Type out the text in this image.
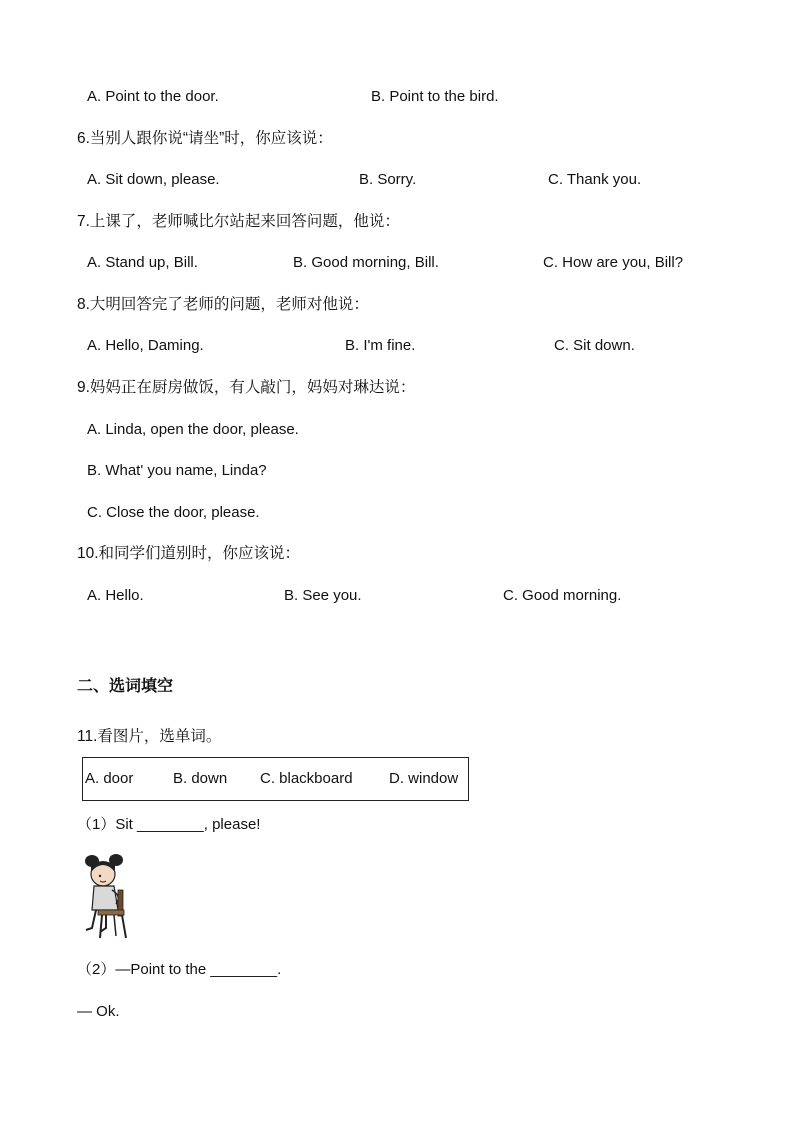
A. Point to the door.	B. Point to the bird.
6.当别人跟你说“请坐”时，你应该说：
A. Sit down, please.	B. Sorry.	C. Thank you.
7.上课了，老师喊比尔站起来回答问题，他说：
A. Stand up, Bill.	B. Good morning, Bill.	C. How are you, Bill?
8.大明回答完了老师的问题，老师对他说：
A. Hello, Daming.	B. I'm fine.	C. Sit down.
9.妈妈正在厨房做饭，有人敲门，妈妈对琳达说：
A. Linda, open the door, please.
B. What' you name, Linda?
C. Close the door, please.
10.和同学们道别时，你应该说：
A. Hello.	B. See you.	C. Good morning.
二、选词填空
11.看图片，选单词。
A. door	B. down C. blackboard D. window
（1）Sit ________, please!
（2）—Point to the ________.
— Ok.
